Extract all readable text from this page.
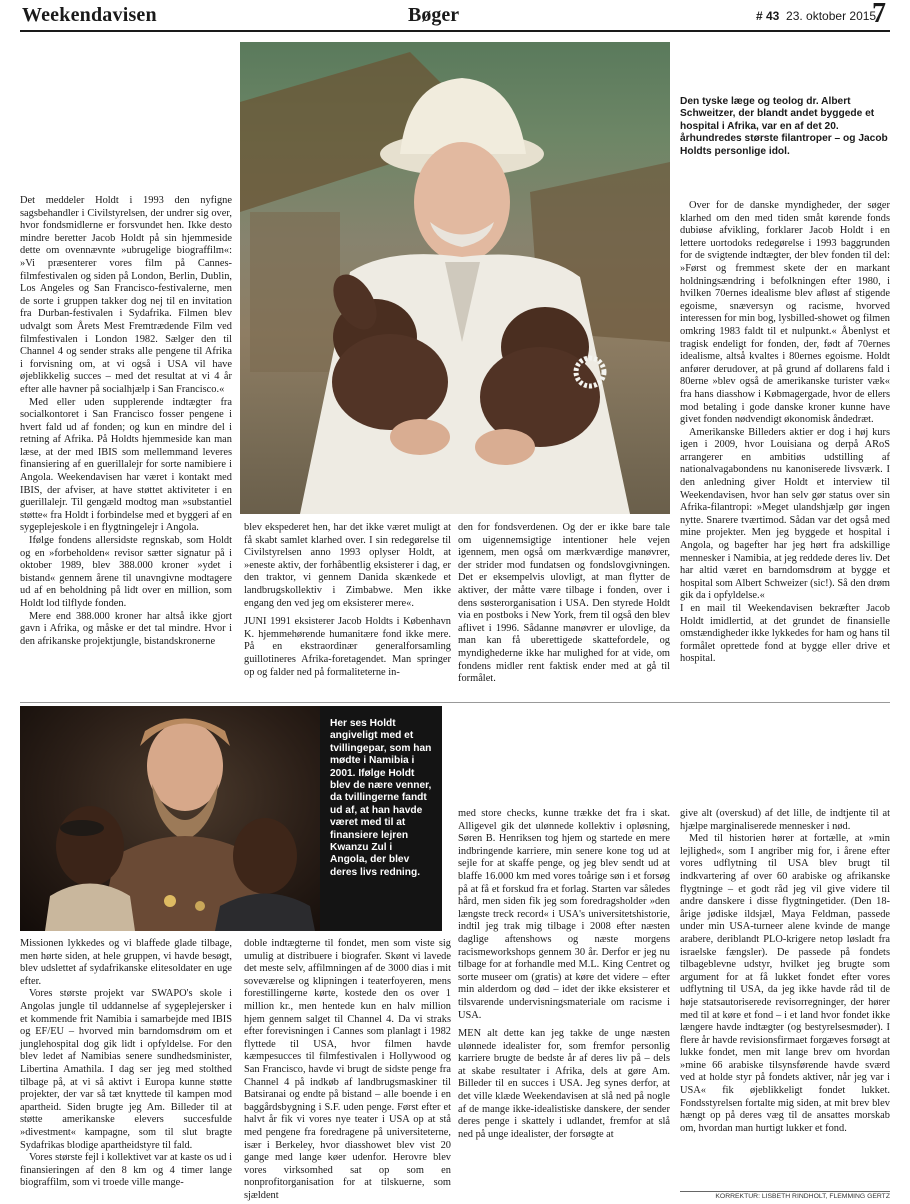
Weekendavisen	Bøger	# 43 23. oktober 2015
7
Den tyske læge og teolog dr. Albert Schweitzer, der blandt andet byggede et hospital i Afrika, var en af det 20. århundredes største filantroper – og Jacob Holdts personlige idol.

Det meddeler Holdt i 1993 den nyfigne sagsbehandler i Civilstyrelsen, der undrer sig over, hvor fondsmidlerne er forsvundet hen. Ikke desto mindre beretter Jacob Holdt på sin hjemmeside dette om ovennævnte »ubrugelige biograffilm«: »Vi præsenterer vores film på Cannes-filmfestivalen og siden på London, Berlin, Dublin, Los Angeles og San Francisco-festivalerne, men de sorte i gruppen takker dog nej til en invitation fra Durban-festivalen i Sydafrika. Filmen blev udvalgt som Årets Mest Fremtrædende Film ved filmfestivalen i London 1982. Sælger den til Channel 4 og sender straks alle pengene til Afrika i forvisning om, at vi også i USA vil have øjeblikkelig succes – med det resultat at vi 4 år efter alle havner på socialhjælp i San Francisco.«

Med eller uden supplerende indtægter fra socialkontoret i San Francisco fosser pengene i hvert fald ud af fonden; og kun en mindre del i retning af Afrika. På Holdts hjemmeside kan man læse, at der med IBIS som mellemmand leveres finansiering af en guerillalejr for sorte namibiere i Angola. Weekendavisen har været i kontakt med IBIS, der afviser, at have støttet aktiviteter i en guerillalejr. Til gengæld modtog man »substantiel støtte« fra Holdt i forbindelse med et byggeri af en sygeplejeskole i en flygtningelejr i Angola.

Ifølge fondens allersidste regnskab, som Holdt og en »forbeholden« revisor sætter signatur på i oktober 1989, blev 388.000 kroner »ydet i bistand« gennem årene til unavngivne modtagere ud af en beholdning på lidt over en million, som Holdt lod tilflyde fonden.

Mere end 388.000 kroner har altså ikke gjort gavn i Afrika, og måske er det tal mindre. Hvor i den afrikanske projektjungle, bistandskronerne

blev ekspederet hen, har det ikke været muligt at få skabt samlet klarhed over. I sin redegørelse til Civilstyrelsen anno 1993 oplyser Holdt, at »eneste aktiv, der forhåbentlig eksisterer i dag, er den traktor, vi gennem Danida skænkede et landbrugskollektiv i Zimbabwe. Men ikke engang den ved jeg om eksisterer mere«.

JUNI 1991 eksisterer Jacob Holdts i København K. hjemmehørende humanitære fond ikke mere. På en ekstraordinær generalforsamling guillotineres Afrika-foretagendet. Man springer op og falder ned på formaliteterne in-

den for fondsverdenen. Og der er ikke bare tale om uigennemsigtige intentioner hele vejen igennem, men også om mærkværdige manøvrer, der strider mod fundatsen og fondslovgivningen. Det er eksempelvis ulovligt, at man flytter de aktiver, der måtte være tilbage i fonden, over i dens søsterorganisation i USA. Den styrede Holdt via en postboks i New York, frem til også den blev aflivet i 1996. Sådanne manøvrer er ulovlige, da man kan få uberettigede skattefordele, og myndighederne ikke har mulighed for at vide, om fondens midler rent faktisk ender med at gå til formålet.

Over for de danske myndigheder, der søger klarhed om den med tiden småt kørende fonds dubiøse afvikling, forklarer Jacob Holdt i en lettere uortodoks redegørelse i 1993 baggrunden for de svigtende indtægter, der blev fonden til del: »Først og fremmest skete der en markant holdningsændring i befolkningen efter 1980, i hvilken 70ernes idealisme blev afløst af stigende egoisme, snæversyn og racisme, hvorved interessen for min bog, lysbilled-showet og filmen omkring 1983 faldt til et nulpunkt.« Åbenlyst et tragisk endeligt for fonden, der, født af 70ernes idealisme, altså kvaltes i 80ernes egoisme. Holdt anfører derudover, at på grund af dollarens fald i 80erne »blev også de amerikanske turister væk« fra hans diasshow i Købmagergade, hvor de ellers mod betaling i gode danske kroner kunne have givet fonden nødvendigt økonomisk åndedræt.

Amerikanske Billeders aktier er dog i høj kurs igen i 2009, hvor Louisiana og derpå ARoS arrangerer en ambitiøs udstilling af nationalvagabondens nu kanoniserede livsværk. I den anledning giver Holdt et interview til Weekendavisen, hvor han selv gør status over sin Afrika-filantropi: »Meget ulandshjælp gør ingen nytte. Snarere tværtimod. Sådan var det også med mine projekter. Men jeg byggede et hospital i Angola, og bagefter har jeg hørt fra adskillige mennesker i Namibia, at jeg reddede deres liv. Det har altid været en barndomsdrøm at bygge et hospital som Albert Schweizer (sic!). Så den drøm gik da i opfyldelse.«

I en mail til Weekendavisen bekræfter Jacob Holdt imidlertid, at det grundet de finansielle omstændigheder ikke lykkedes for ham og hans til formålet oprettede fond at bygge eller drive et hospital.

Her ses Holdt angiveligt med et tvillingepar, som han mødte i Namibia i 2001. Ifølge Holdt blev de nære venner, da tvillingerne fandt ud af, at han havde været med til at finansiere lejren Kwanzu Zul i Angola, der blev deres livs redning.

Missionen lykkedes og vi blaffede glade tilbage, men hørte siden, at hele gruppen, vi havde besøgt, blev udslettet af sydafrikanske elitesoldater en uge efter.

Vores største projekt var SWAPO's skole i Angolas jungle til uddannelse af sygeplejersker i et kommende frit Namibia i samarbejde med IBIS og EF/EU – hvorved min barndomsdrøm om et junglehospital dog gik lidt i opfyldelse. For den blev ledet af Namibias senere sundhedsminister, Libertina Amathila. I dag ser jeg med stolthed tilbage på, at vi så aktivt i Europa kunne støtte projekter, der var så tæt knyttede til kampen mod apartheid. Siden brugte jeg Am. Billeder til at støtte amerikanske elevers succesfulde »divestment« kampagne, som til slut bragte Sydafrikas blodige apartheidstyre til fald.

Vores største fejl i kollektivet var at kaste os ud i finansieringen af den 8 km og 4 timer lange biograffilm, som vi troede ville mange-

doble indtægterne til fondet, men som viste sig umulig at distribuere i biografer. Skønt vi lavede det meste selv, affilmningen af de 3000 dias i mit soveværelse og klipningen i teaterfoyeren, mens forestillingerne kørte, kostede den os over 1 million kr., men hentede kun en halv million hjem gennem salget til Channel 4. Da vi straks efter forevisningen i Cannes som planlagt i 1982 flyttede til USA, hvor filmen havde kæmpesucces til filmfestivalen i Hollywood og San Francisco, havde vi brugt de sidste penge fra Channel 4 på indkøb af landbrugsmaskiner til Batsiranai og endte på bistand – alle boende i en baggårdsbygning i S.F. uden penge. Først efter et halvt år fik vi vores nye teater i USA op at stå med pengene fra foredragene på universiteterne, især i Berkeley, hvor diasshowet blev vist 20 gange med lange køer udenfor. Herovre blev vores virksomhed sat op som en nonprofitorganisation for at tilskuerne, som sjældent

med store checks, kunne trække det fra i skat. Alligevel gik det ulønnede kollektiv i opløsning, Søren B. Henriksen tog hjem og startede en mere indbringende karriere, min senere kone tog ud at sejle for at skaffe penge, og jeg blev sendt ud at blaffe 16.000 km med vores toårige søn i et forsøg på at få et forskud fra et forlag. Starten var således hård, men siden fik jeg som foredragsholder »den længste treck record« i USA's universitetshistorie, indtil jeg trak mig tilbage i 2008 efter næsten daglige aftenshows og næste morgens racismeworkshops gennem 30 år. Derfor er jeg nu tilbage for at forhandle med M.L. King Centret og sorte museer om (gratis) at køre det videre – efter min alderdom og død – idet der ikke eksisterer et tilsvarende undervisningsmateriale om racisme i USA.

MEN alt dette kan jeg takke de unge næsten ulønnede idealister for, som fremfor personlig karriere brugte de bedste år af deres liv på – dels at skabe resultater i Afrika, dels at gøre Am. Billeder til en succes i USA. Jeg synes derfor, at det ville klæde Weekendavisen at slå ned på nogle af de mange ikke-idealistiske danskere, der sender deres penge i skattely i udlandet, fremfor at slå ned på unge idealister, der forsøgte at

give alt (overskud) af det lille, de indtjente til at hjælpe marginaliserede mennesker i nød.

Med til historien hører at fortælle, at »min lejlighed«, som I angriber mig for, i årene efter vores udflytning til USA blev brugt til indkvartering af over 60 arabiske og afrikanske flygtninge – et godt råd jeg vil give videre til andre danskere i disse flygtningetider. (Den 18-årige jødiske ildsjæl, Maya Feldman, passede under min USA-turneer alene kvinde de mange arabere, deriblandt PLO-krigere netop løsladt fra israelske fængsler). De passede på fondets tilbageblevne udstyr, hvilket jeg brugte som argument for at få lukket fondet efter vores udflytning til USA, da jeg ikke havde råd til de høje statsautoriserede revisorregninger, der hører med til at køre et fond – i et land hvor fondet ikke længere havde indtægter (og bestyrelsesmøder). I flere år havde revisionsfirmaet forgæves forsøgt at lukke fondet, men mit lange brev om hvordan »mine 66 arabiske tilsynsførende havde sværd ved at holde styr på fondets aktiver, når jeg var i USA« fik øjeblikkeligt fondet lukket. Fondsstyrelsen fortalte mig siden, at mit brev blev hængt op på deres væg til de ansattes morskab om, hvordan man hurtigt lukker et fond.

KORREKTUR: LISBETH RINDHOLT, FLEMMING GERTZ
